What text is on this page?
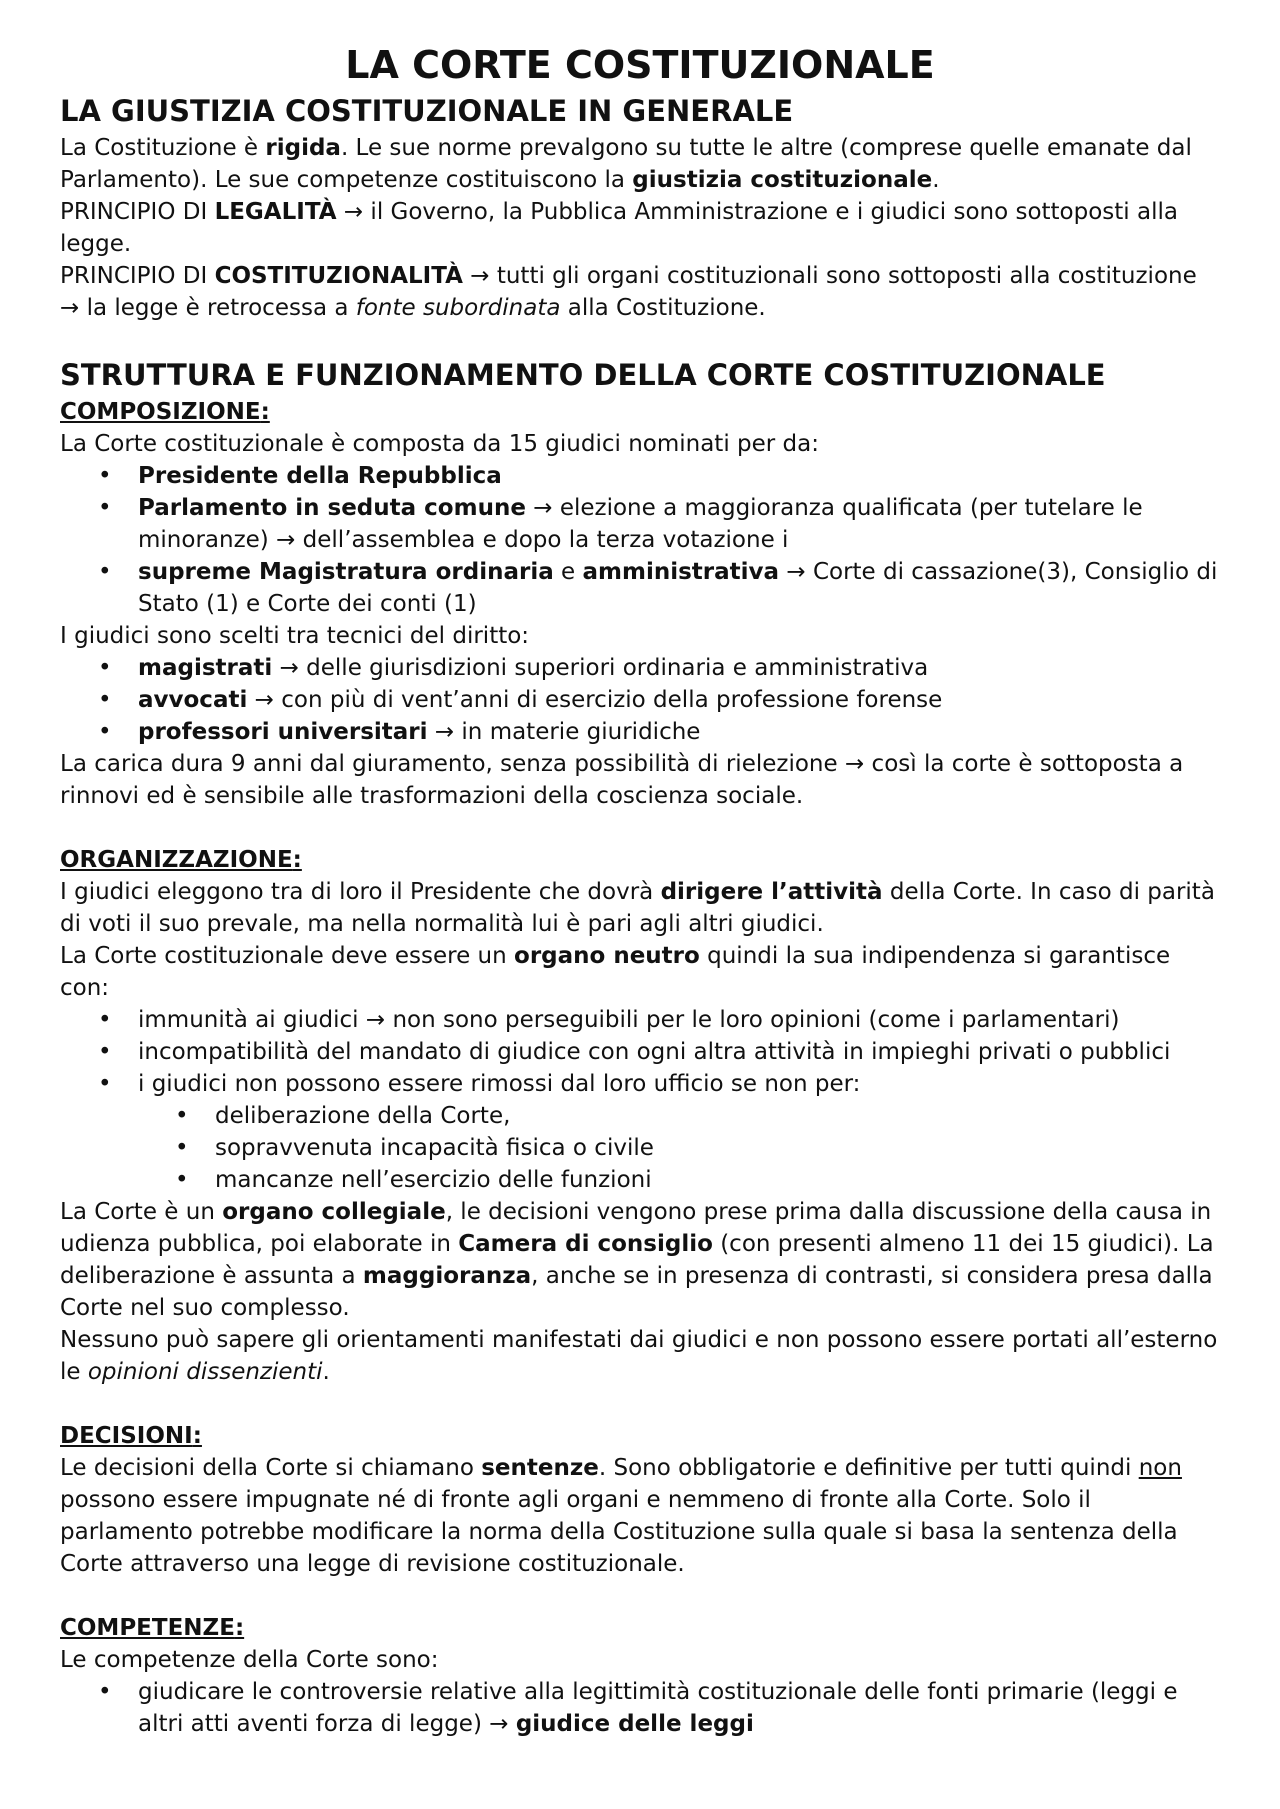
LA CORTE COSTITUZIONALE
LA GIUSTIZIA COSTITUZIONALE IN GENERALE

La Costituzione è rigida. Le sue norme prevalgono su tutte le altre (comprese quelle emanate dal Parlamento). Le sue competenze costituiscono la giustizia costituzionale.

PRINCIPIO DI LEGALITÀ → il Governo, la Pubblica Amministrazione e i giudici sono sottoposti alla legge.

PRINCIPIO DI COSTITUZIONALITÀ → tutti gli organi costituzionali sono sottoposti alla costituzione → la legge è retrocessa a fonte subordinata alla Costituzione.

STRUTTURA E FUNZIONAMENTO DELLA CORTE COSTITUZIONALE
COMPOSIZIONE:

La Corte costituzionale è composta da 15 giudici nominati per da:

• Presidente della Repubblica
• Parlamento in seduta comune → elezione a maggioranza qualificata (per tutelare le minoranze) → dell’assemblea e dopo la terza votazione i
• supreme Magistratura ordinaria e amministrativa → Corte di cassazione(3), Consiglio di Stato (1) e Corte dei conti (1)

I giudici sono scelti tra tecnici del diritto:

• magistrati → delle giurisdizioni superiori ordinaria e amministrativa
• avvocati → con più di vent’anni di esercizio della professione forense
• professori universitari → in materie giuridiche

La carica dura 9 anni dal giuramento, senza possibilità di rielezione → così la corte è sottoposta a rinnovi ed è sensibile alle trasformazioni della coscienza sociale.

ORGANIZZAZIONE:

I giudici eleggono tra di loro il Presidente che dovrà dirigere l’attività della Corte. In caso di parità di voti il suo prevale, ma nella normalità lui è pari agli altri giudici.

La Corte costituzionale deve essere un organo neutro quindi la sua indipendenza si garantisce con:

• immunità ai giudici → non sono perseguibili per le loro opinioni (come i parlamentari)
• incompatibilità del mandato di giudice con ogni altra attività in impieghi privati o pubblici
• i giudici non possono essere rimossi dal loro ufficio se non per:
• deliberazione della Corte,
• sopravvenuta incapacità fisica o civile
• mancanze nell’esercizio delle funzioni

La Corte è un organo collegiale, le decisioni vengono prese prima dalla discussione della causa in udienza pubblica, poi elaborate in Camera di consiglio (con presenti almeno 11 dei 15 giudici). La deliberazione è assunta a maggioranza, anche se in presenza di contrasti, si considera presa dalla Corte nel suo complesso.

Nessuno può sapere gli orientamenti manifestati dai giudici e non possono essere portati all’esterno le opinioni dissenzienti.

DECISIONI:

Le decisioni della Corte si chiamano sentenze. Sono obbligatorie e definitive per tutti quindi non possono essere impugnate né di fronte agli organi e nemmeno di fronte alla Corte. Solo il parlamento potrebbe modificare la norma della Costituzione sulla quale si basa la sentenza della Corte attraverso una legge di revisione costituzionale.

COMPETENZE:

Le competenze della Corte sono:

• giudicare le controversie relative alla legittimità costituzionale delle fonti primarie (leggi e altri atti aventi forza di legge) → giudice delle leggi
